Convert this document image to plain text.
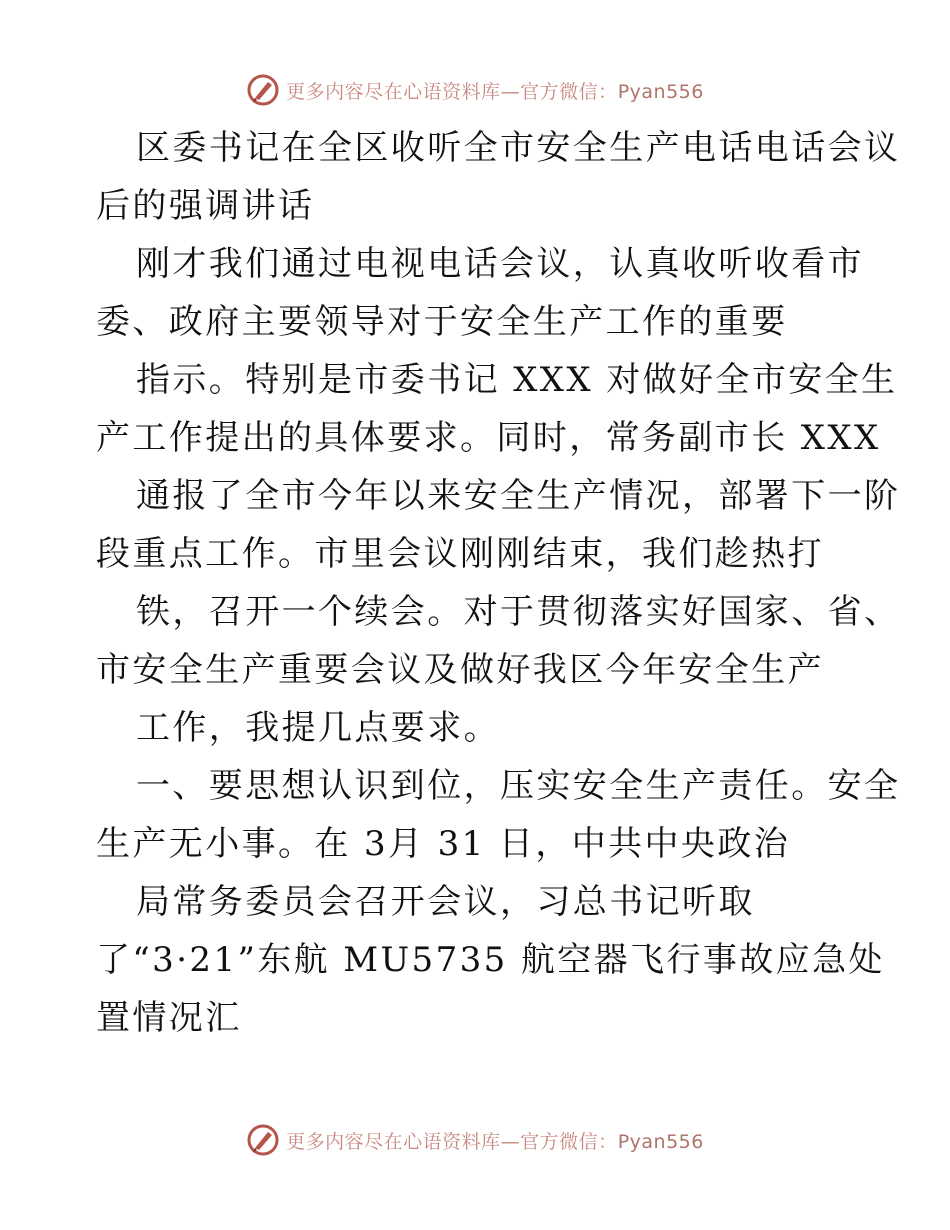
更多内容尽在心语资料库—官方微信：Pyan556
区委书记在全区收听全市安全生产电话电话会议
后的强调讲话
刚才我们通过电视电话会议，认真收听收看市
委、政府主要领导对于安全生产工作的重要
指示。特别是市委书记 XXX 对做好全市安全生
产工作提出的具体要求。同时，常务副市长 XXX
通报了全市今年以来安全生产情况，部署下一阶
段重点工作。市里会议刚刚结束，我们趁热打
铁，召开一个续会。对于贯彻落实好国家、省、
市安全生产重要会议及做好我区今年安全生产
工作，我提几点要求。
一、要思想认识到位，压实安全生产责任。安全
生产无小事。在 3月 31 日，中共中央政治
局常务委员会召开会议，习总书记听取
了“3·21”东航 MU5735 航空器飞行事故应急处
置情况汇
更多内容尽在心语资料库—官方微信：Pyan556
